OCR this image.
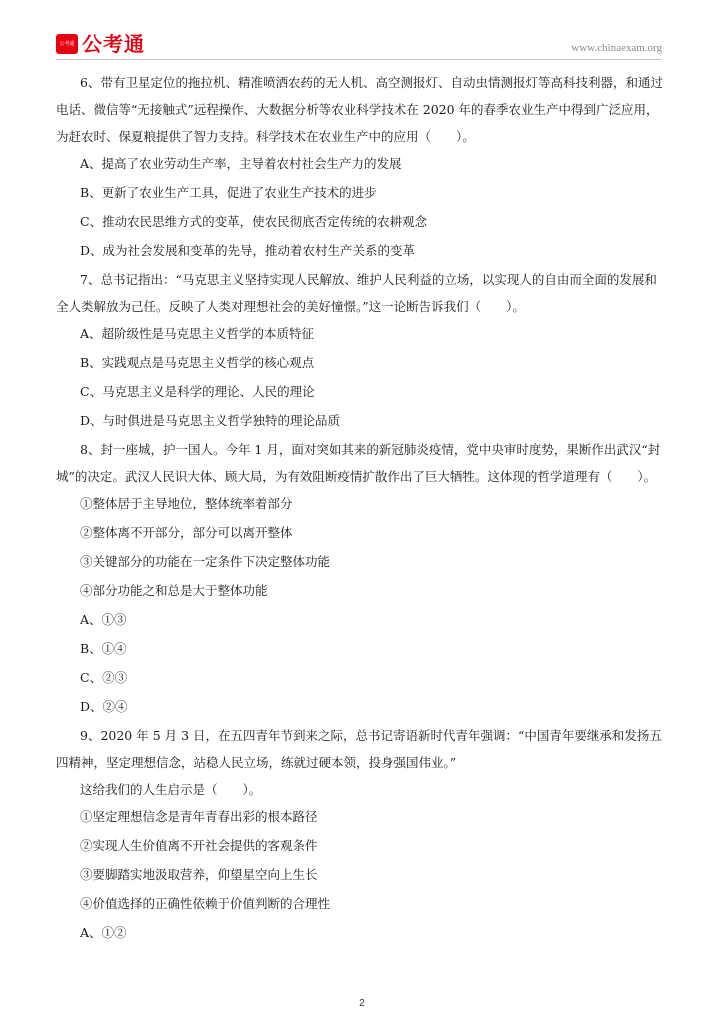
公考通 公考通	www.chinaexam.org
6、带有卫星定位的拖拉机、精准喷洒农药的无人机、高空测报灯、自动虫情测报灯等高科技利器，和通过
电话、微信等“无接触式”远程操作、大数据分析等农业科学技术在 2020 年的春季农业生产中得到广泛应用，
为赶农时、保夏粮提供了智力支持。科学技术在农业生产中的应用（　　）。
A、提高了农业劳动生产率，主导着农村社会生产力的发展
B、更新了农业生产工具，促进了农业生产技术的进步
C、推动农民思维方式的变革，使农民彻底否定传统的农耕观念
D、成为社会发展和变革的先导，推动着农村生产关系的变革
7、总书记指出：“马克思主义坚持实现人民解放、维护人民利益的立场，以实现人的自由而全面的发展和
全人类解放为己任。反映了人类对理想社会的美好憧憬。”这一论断告诉我们（　　）。
A、超阶级性是马克思主义哲学的本质特征
B、实践观点是马克思主义哲学的核心观点
C、马克思主义是科学的理论、人民的理论
D、与时俱进是马克思主义哲学独特的理论品质
8、封一座城，护一国人。今年 1 月，面对突如其来的新冠肺炎疫情，党中央审时度势，果断作出武汉“封
城”的决定。武汉人民识大体、顾大局，为有效阻断疫情扩散作出了巨大牺牲。这体现的哲学道理有（　　）。
①整体居于主导地位，整体统率着部分
②整体离不开部分，部分可以离开整体
③关键部分的功能在一定条件下决定整体功能
④部分功能之和总是大于整体功能
A、①③
B、①④
C、②③
D、②④
9、2020 年 5 月 3 日，在五四青年节到来之际，总书记寄语新时代青年强调：“中国青年要继承和发扬五
四精神，坚定理想信念，站稳人民立场，练就过硬本领，投身强国伟业。”
这给我们的人生启示是（　　）。
①坚定理想信念是青年青春出彩的根本路径
②实现人生价值离不开社会提供的客观条件
③要脚踏实地汲取营养，仰望星空向上生长
④价值选择的正确性依赖于价值判断的合理性
A、①②
2
